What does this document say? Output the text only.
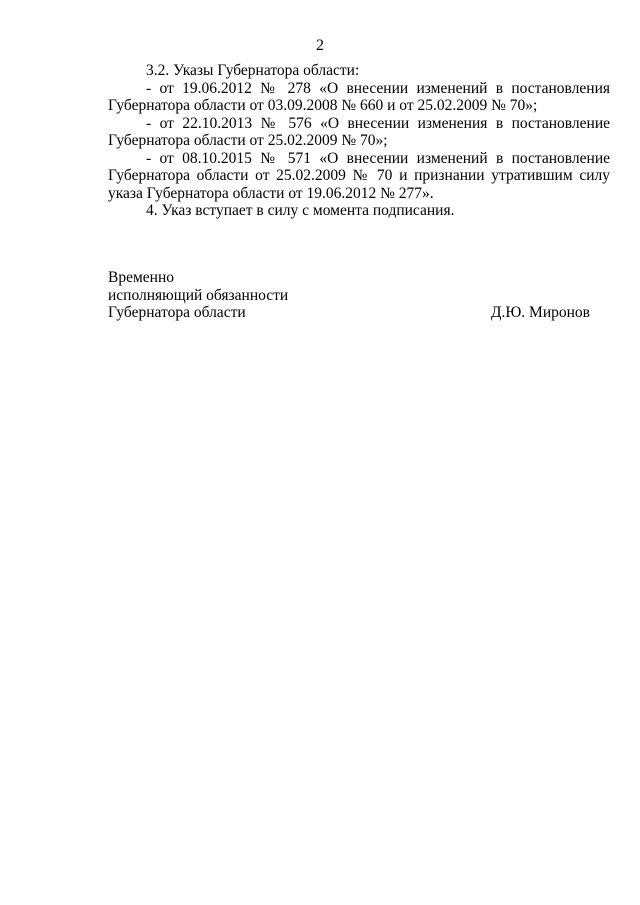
2

3.2. Указы Губернатора области:

- от 19.06.2012 № 278 «О внесении изменений в постановления Губернатора области от 03.09.2008 № 660 и от 25.02.2009 № 70»;

- от 22.10.2013 № 576 «О внесении изменения в постановление Губернатора области от 25.02.2009 № 70»;

- от 08.10.2015 № 571 «О внесении изменений в постановление Губернатора области от 25.02.2009 № 70 и признании утратившим силу указа Губернатора области от 19.06.2012 № 277».

4. Указ вступает в силу с момента подписания.

Временно
исполняющий обязанности
Губернатора области	Д.Ю. Миронов
